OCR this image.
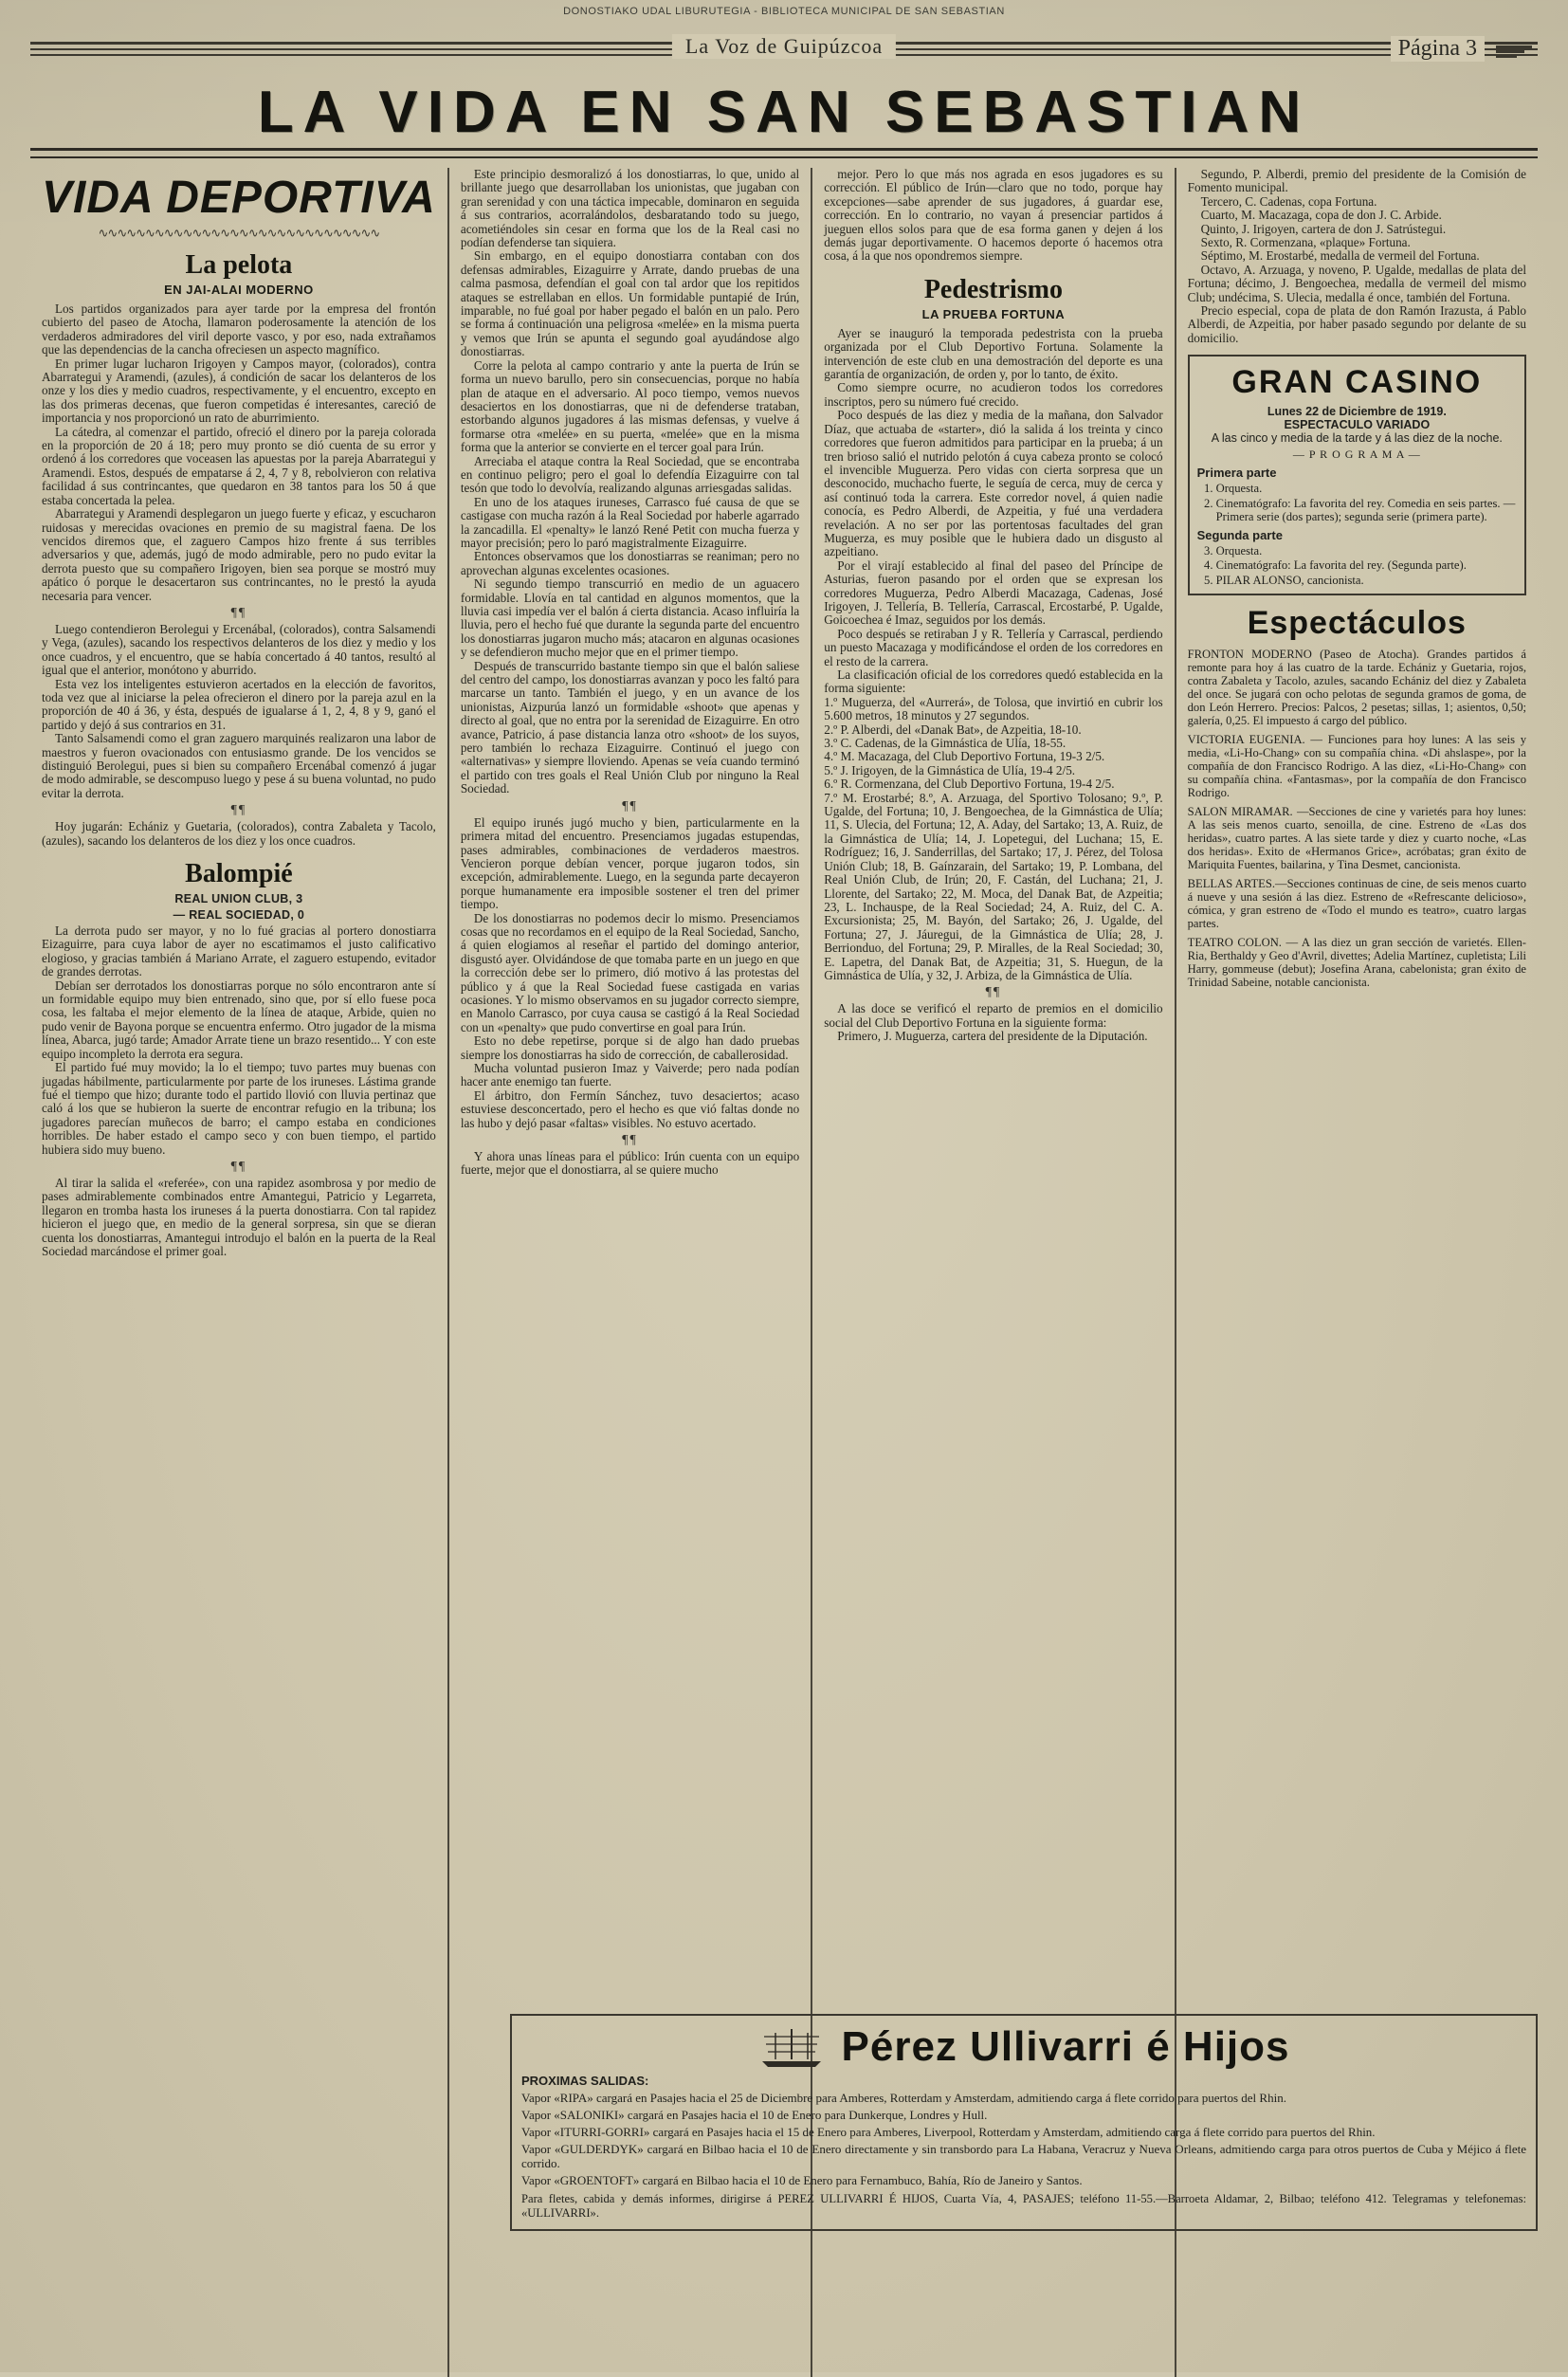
DONOSTIAKO UDAL LIBURUTEGIA - BIBLIOTECA MUNICIPAL DE SAN SEBASTIAN
La Voz de Guipúzcoa	Página 3
LA VIDA EN SAN SEBASTIAN
VIDA DEPORTIVA
∿∿∿∿∿∿∿∿∿∿∿∿∿∿∿∿∿∿∿∿∿∿∿∿∿∿∿∿∿∿
La pelota
EN JAI-ALAI MODERNO

Los partidos organizados para ayer tarde por la empresa del frontón cubierto del paseo de Atocha, llamaron poderosamente la atención de los verdaderos admiradores del viril deporte vasco, y por eso, nada extrañamos que las dependencias de la cancha ofreciesen un aspecto magnífico.

En primer lugar lucharon Irigoyen y Campos mayor, (colorados), contra Abarrategui y Aramendi, (azules), á condición de sacar los delanteros de los onze y los dies y medio cuadros, respectivamente, y el encuentro, excepto en las dos primeras decenas, que fueron competidas é interesantes, careció de importancia y nos proporcionó un rato de aburrimiento.

La cátedra, al comenzar el partido, ofreció el dinero por la pareja colorada en la proporción de 20 á 18; pero muy pronto se dió cuenta de su error y ordenó á los corredores que voceasen las apuestas por la pareja Abarrategui y Aramendi. Estos, después de empatarse á 2, 4, 7 y 8, rebolvieron con relativa facilidad á sus contrincantes, que quedaron en 38 tantos para los 50 á que estaba concertada la pelea.

Abarrategui y Aramendi desplegaron un juego fuerte y eficaz, y escucharon ruidosas y merecidas ovaciones en premio de su magistral faena. De los vencidos diremos que, el zaguero Campos hizo frente á sus terribles adversarios y que, además, jugó de modo admirable, pero no pudo evitar la derrota puesto que su compañero Irigoyen, bien sea porque se mostró muy apático ó porque le desacertaron sus contrincantes, no le prestó la ayuda necesaria para vencer.

¶¶

Luego contendieron Berolegui y Ercenábal, (colorados), contra Salsamendi y Vega, (azules), sacando los respectivos delanteros de los diez y medio y los once cuadros, y el encuentro, que se había concertado á 40 tantos, resultó al igual que el anterior, monótono y aburrido.

Esta vez los inteligentes estuvieron acertados en la elección de favoritos, toda vez que al iniciarse la pelea ofrecieron el dinero por la pareja azul en la proporción de 40 á 36, y ésta, después de igualarse á 1, 2, 4, 8 y 9, ganó el partido y dejó á sus contrarios en 31.

Tanto Salsamendi como el gran zaguero marquinés realizaron una labor de maestros y fueron ovacionados con entusiasmo grande. De los vencidos se distinguió Berolegui, pues si bien su compañero Ercenábal comenzó á jugar de modo admirable, se descompuso luego y pese á su buena voluntad, no pudo evitar la derrota.

¶¶

Hoy jugarán: Echániz y Guetaria, (colorados), contra Zabaleta y Tacolo, (azules), sacando los delanteros de los diez y los once cuadros.

Balompié
REAL UNION CLUB, 3
— REAL SOCIEDAD, 0

La derrota pudo ser mayor, y no lo fué gracias al portero donostiarra Eizaguirre, para cuya labor de ayer no escatimamos el justo calificativo elogioso, y gracias también á Mariano Arrate, el zaguero estupendo, evitador de grandes derrotas.

Debían ser derrotados los donostiarras porque no sólo encontraron ante sí un formidable equipo muy bien entrenado, sino que, por sí ello fuese poca cosa, les faltaba el mejor elemento de la línea de ataque, Arbide, quien no pudo venir de Bayona porque se encuentra enfermo. Otro jugador de la misma línea, Abarca, jugó tarde; Amador Arrate tiene un brazo resentido... Y con este equipo incompleto la derrota era segura.

El partido fué muy movido; la lo el tiempo; tuvo partes muy buenas con jugadas hábilmente, particularmente por parte de los iruneses. Lástima grande fué el tiempo que hizo; durante todo el partido llovió con lluvia pertinaz que caló á los que se hubieron la suerte de encontrar refugio en la tribuna; los jugadores parecían muñecos de barro; el campo estaba en condiciones horribles. De haber estado el campo seco y con buen tiempo, el partido hubiera sido muy bueno.

¶¶

Al tirar la salida el «referée», con una rapidez asombrosa y por medio de pases admirablemente combinados entre Amantegui, Patricio y Legarreta, llegaron en tromba hasta los iruneses á la puerta donostiarra. Con tal rapidez hicieron el juego que, en medio de la general sorpresa, sin que se dieran cuenta los donostiarras, Amantegui introdujo el balón en la puerta de la Real Sociedad marcándose el primer goal.

Este principio desmoralizó á los donostiarras, lo que, unido al brillante juego que desarrollaban los unionistas, que jugaban con gran serenidad y con una táctica impecable, dominaron en seguida á sus contrarios, acorralándolos, desbaratando todo su juego, acometiéndoles sin cesar en forma que los de la Real casi no podían defenderse tan siquiera.

Sin embargo, en el equipo donostiarra contaban con dos defensas admirables, Eizaguirre y Arrate, dando pruebas de una calma pasmosa, defendían el goal con tal ardor que los repitidos ataques se estrellaban en ellos. Un formidable puntapié de Irún, imparable, no fué goal por haber pegado el balón en un palo. Pero se forma á continuación una peligrosa «melée» en la misma puerta y vemos que Irún se apunta el segundo goal ayudándose algo donostiarras.

Corre la pelota al campo contrario y ante la puerta de Irún se forma un nuevo barullo, pero sin consecuencias, porque no había plan de ataque en el adversario. Al poco tiempo, vemos nuevos desaciertos en los donostiarras, que ni de defenderse trataban, estorbando algunos jugadores á las mismas defensas, y vuelve á formarse otra «melée» en su puerta, «melée» que en la misma forma que la anterior se convierte en el tercer goal para Irún.

Arreciaba el ataque contra la Real Sociedad, que se encontraba en continuo peligro; pero el goal lo defendía Eizaguirre con tal tesón que todo lo devolvía, realizando algunas arriesgadas salidas.

En uno de los ataques iruneses, Carrasco fué causa de que se castigase con mucha razón á la Real Sociedad por haberle agarrado la zancadilla. El «penalty» le lanzó René Petit con mucha fuerza y mayor precisión; pero lo paró magistralmente Eizaguirre.

Entonces observamos que los donostiarras se reaniman; pero no aprovechan algunas excelentes ocasiones.

Ni segundo tiempo transcurrió en medio de un aguacero formidable. Llovía en tal cantidad en algunos momentos, que la lluvia casi impedía ver el balón á cierta distancia. Acaso influiría la lluvia, pero el hecho fué que durante la segunda parte del encuentro los donostiarras jugaron mucho más; atacaron en algunas ocasiones y se defendieron mucho mejor que en el primer tiempo.

Después de transcurrido bastante tiempo sin que el balón saliese del centro del campo, los donostiarras avanzan y poco les faltó para marcarse un tanto. También el juego, y en un avance de los unionistas, Aizpurúa lanzó un formidable «shoot» que apenas y directo al goal, que no entra por la serenidad de Eizaguirre. En otro avance, Patricio, á pase distancia lanza otro «shoot» de los suyos, pero también lo rechaza Eizaguirre. Continuó el juego con «alternativas» y siempre lloviendo. Apenas se veía cuando terminó el partido con tres goals el Real Unión Club por ninguno la Real Sociedad.

¶¶

El equipo irunés jugó mucho y bien, particularmente en la primera mitad del encuentro. Presenciamos jugadas estupendas, pases admirables, combinaciones de verdaderos maestros. Vencieron porque debían vencer, porque jugaron todos, sin excepción, admirablemente. Luego, en la segunda parte decayeron porque humanamente era imposible sostener el tren del primer tiempo.

De los donostiarras no podemos decir lo mismo. Presenciamos cosas que no recordamos en el equipo de la Real Sociedad, Sancho, á quien elogiamos al reseñar el partido del domingo anterior, disgustó ayer. Olvidándose de que tomaba parte en un juego en que la corrección debe ser lo primero, dió motivo á las protestas del público y á que la Real Sociedad fuese castigada en varias ocasiones. Y lo mismo observamos en su jugador correcto siempre, en Manolo Carrasco, por cuya causa se castigó á la Real Sociedad con un «penalty» que pudo convertirse en goal para Irún.

Esto no debe repetirse, porque si de algo han dado pruebas siempre los donostiarras ha sido de corrección, de caballerosidad.

Mucha voluntad pusieron Imaz y Vaiverde; pero nada podían hacer ante enemigo tan fuerte.

El árbitro, don Fermín Sánchez, tuvo desaciertos; acaso estuviese desconcertado, pero el hecho es que vió faltas donde no las hubo y dejó pasar «faltas» visibles. No estuvo acertado.

¶¶

Y ahora unas líneas para el público: Irún cuenta con un equipo fuerte, mejor que el donostiarra, al se quiere mucho

mejor. Pero lo que más nos agrada en esos jugadores es su corrección. El público de Irún—claro que no todo, porque hay excepciones—sabe aprender de sus jugadores, á guardar ese, corrección. En lo contrario, no vayan á presenciar partidos á jueguen ellos solos para que de esa forma ganen y dejen á los demás jugar deportivamente. O hacemos deporte ó hacemos otra cosa, á la que nos opondremos siempre.

Pedestrismo
LA PRUEBA FORTUNA

Ayer se inauguró la temporada pedestrista con la prueba organizada por el Club Deportivo Fortuna. Solamente la intervención de este club en una demostración del deporte es una garantía de organización, de orden y, por lo tanto, de éxito.

Como siempre ocurre, no acudieron todos los corredores inscriptos, pero su número fué crecido.

Poco después de las diez y media de la mañana, don Salvador Díaz, que actuaba de «starter», dió la salida á los treinta y cinco corredores que fueron admitidos para participar en la prueba; á un tren brioso salió el nutrido pelotón á cuya cabeza pronto se colocó el invencible Muguerza. Pero vidas con cierta sorpresa que un desconocido, muchacho fuerte, le seguía de cerca, muy de cerca y así continuó toda la carrera. Este corredor novel, á quien nadie conocía, es Pedro Alberdi, de Azpeitia, y fué una verdadera revelación. A no ser por las portentosas facultades del gran Muguerza, es muy posible que le hubiera dado un disgusto al azpeitiano.

Por el virají establecido al final del paseo del Príncipe de Asturias, fueron pasando por el orden que se expresan los corredores Muguerza, Pedro Alberdi Macazaga, Cadenas, José Irigoyen, J. Tellería, B. Tellería, Carrascal, Ercostarbé, P. Ugalde, Goicoechea é Imaz, seguidos por los demás.

Poco después se retiraban J y R. Tellería y Carrascal, perdiendo un puesto Macazaga y modificándose el orden de los corredores en el resto de la carrera.

La clasificación oficial de los corredores quedó establecida en la forma siguiente:

1.º Muguerza, del «Aurrerá», de Tolosa, que invirtió en cubrir los 5.600 metros, 18 minutos y 27 segundos.

2.º P. Alberdi, del «Danak Bat», de Azpeitia, 18-10.

3.º C. Cadenas, de la Gimnástica de Ulía, 18-55.

4.º M. Macazaga, del Club Deportivo Fortuna, 19-3 2/5.

5.º J. Irigoyen, de la Gimnástica de Ulía, 19-4 2/5.

6.º R. Cormenzana, del Club Deportivo Fortuna, 19-4 2/5.

7.º M. Erostarbé; 8.º, A. Arzuaga, del Sportivo Tolosano; 9.º, P. Ugalde, del Fortuna; 10, J. Bengoechea, de la Gimnástica de Ulía; 11, S. Ulecia, del Fortuna; 12, A. Aday, del Sartako; 13, A. Ruiz, de la Gimnástica de Ulía; 14, J. Lopetegui, del Luchana; 15, E. Rodríguez; 16, J. Sanderrillas, del Sartako; 17, J. Pérez, del Tolosa Unión Club; 18, B. Gaínzarain, del Sartako; 19, P. Lombana, del Real Unión Club, de Irún; 20, F. Castán, del Luchana; 21, J. Llorente, del Sartako; 22, M. Moca, del Danak Bat, de Azpeitia; 23, L. Inchauspe, de la Real Sociedad; 24, A. Ruiz, del C. A. Excursionista; 25, M. Bayón, del Sartako; 26, J. Ugalde, del Fortuna; 27, J. Jáuregui, de la Gimnástica de Ulía; 28, J. Berrionduo, del Fortuna; 29, P. Miralles, de la Real Sociedad; 30, E. Lapetra, del Danak Bat, de Azpeitia; 31, S. Huegun, de la Gimnástica de Ulía, y 32, J. Arbiza, de la Gimnástica de Ulía.

¶¶

A las doce se verificó el reparto de premios en el domicilio social del Club Deportivo Fortuna en la siguiente forma:

Primero, J. Muguerza, cartera del presidente de la Diputación.

Segundo, P. Alberdi, premio del presidente de la Comisión de Fomento municipal.

Tercero, C. Cadenas, copa Fortuna.

Cuarto, M. Macazaga, copa de don J. C. Arbide.

Quinto, J. Irigoyen, cartera de don J. Satrústegui.

Sexto, R. Cormenzana, «plaque» Fortuna.

Séptimo, M. Erostarbé, medalla de vermeil del Fortuna.

Octavo, A. Arzuaga, y noveno, P. Ugalde, medallas de plata del Fortuna; décimo, J. Bengoechea, medalla de vermeil del mismo Club; undécima, S. Ulecia, medalla é once, también del Fortuna.

Precio especial, copa de plata de don Ramón Irazusta, á Pablo Alberdi, de Azpeitia, por haber pasado segundo por delante de su domicilio.

GRAN CASINO
Lunes 22 de Diciembre de 1919.
ESPECTACULO VARIADO
A las cinco y media de la tarde y á las diez de la noche.
— P R O G R A M A —
Primera parte
1. Orquesta.
2. Cinematógrafo: La favorita del rey. Comedia en seis partes. — Primera serie (dos partes); segunda serie (primera parte).
Segunda parte
3. Orquesta.
4. Cinematógrafo: La favorita del rey. (Segunda parte).
5. PILAR ALONSO, cancionista.
Espectáculos
FRONTON MODERNO (Paseo de Atocha). Grandes partidos á remonte para hoy á las cuatro de la tarde. Echániz y Guetaria, rojos, contra Zabaleta y Tacolo, azules, sacando Echániz del diez y Zabaleta del once. Se jugará con ocho pelotas de segunda gramos de goma, de don León Herrero. Precios: Palcos, 2 pesetas; sillas, 1; asientos, 0,50; galería, 0,25. El impuesto á cargo del público.
VICTORIA EUGENIA. — Funciones para hoy lunes: A las seis y media, «Li-Ho-Chang» con su compañía china. «Di ahslaspe», por la compañía de don Francisco Rodrigo. A las diez, «Li-Ho-Chang» con su compañía china. «Fantasmas», por la compañía de don Francisco Rodrigo.
SALON MIRAMAR. —Secciones de cine y varietés para hoy lunes: A las seis menos cuarto, senoilla, de cine. Estreno de «Las dos heridas», cuatro partes. A las siete tarde y diez y cuarto noche, «Las dos heridas». Exito de «Hermanos Grice», acróbatas; gran éxito de Mariquita Fuentes, bailarina, y Tina Desmet, cancionista.
BELLAS ARTES.—Secciones continuas de cine, de seis menos cuarto á nueve y una sesión á las diez. Estreno de «Refrescante delicioso», cómica, y gran estreno de «Todo el mundo es teatro», cuatro largas partes.
TEATRO COLON. — A las diez un gran sección de varietés. Ellen-Ria, Berthaldy y Geo d'Avril, divettes; Adelia Martínez, cupletista; Lili Harry, gommeuse (debut); Josefina Arana, cabelonista; gran éxito de Trinidad Sabeine, notable cancionista.
Pérez Ullivarri é Hijos
PROXIMAS SALIDAS:
Vapor «RIPA» cargará en Pasajes hacia el 25 de Diciembre para Amberes, Rotterdam y Amsterdam, admitiendo carga á flete corrido para puertos del Rhin.
Vapor «SALONIKI» cargará en Pasajes hacia el 10 de Enero para Dunkerque, Londres y Hull.
Vapor «ITURRI-GORRI» cargará en Pasajes hacia el 15 de Enero para Amberes, Liverpool, Rotterdam y Amsterdam, admitiendo carga á flete corrido para puertos del Rhin.
Vapor «GULDERDYK» cargará en Bilbao hacia el 10 de Enero directamente y sin transbordo para La Habana, Veracruz y Nueva Orleans, admitiendo carga para otros puertos de Cuba y Méjico á flete corrido.
Vapor «GROENTOFT» cargará en Bilbao hacia el 10 de Enero para Fernambuco, Bahía, Río de Janeiro y Santos.
Para fletes, cabida y demás informes, dirigirse á PEREZ ULLIVARRI É HIJOS, Cuarta Vía, 4, PASAJES; teléfono 11-55.—Barroeta Aldamar, 2, Bilbao; teléfono 412. Telegramas y telefonemas: «ULLIVARRI».
